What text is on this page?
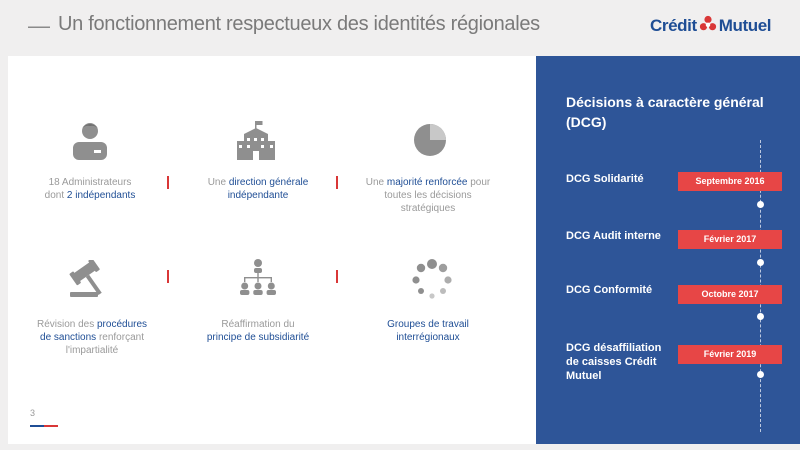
— Un fonctionnement respectueux des identités régionales	Crédit Mutuel
18 Administrateurs
dont 2 indépendants
Une direction générale
indépendante
Une majorité renforcée pour
toutes les décisions
stratégiques
Révision des procédures
de sanctions renforçant
l'impartialité
Réaffirmation du
principe de subsidiarité
Groupes de travail
interrégionaux
3
Décisions à caractère général (DCG)
DCG Solidarité	Septembre 2016
DCG Audit interne	Février 2017
DCG Conformité	Octobre 2017
DCG désaffiliation de caisses Crédit Mutuel
Février 2019
